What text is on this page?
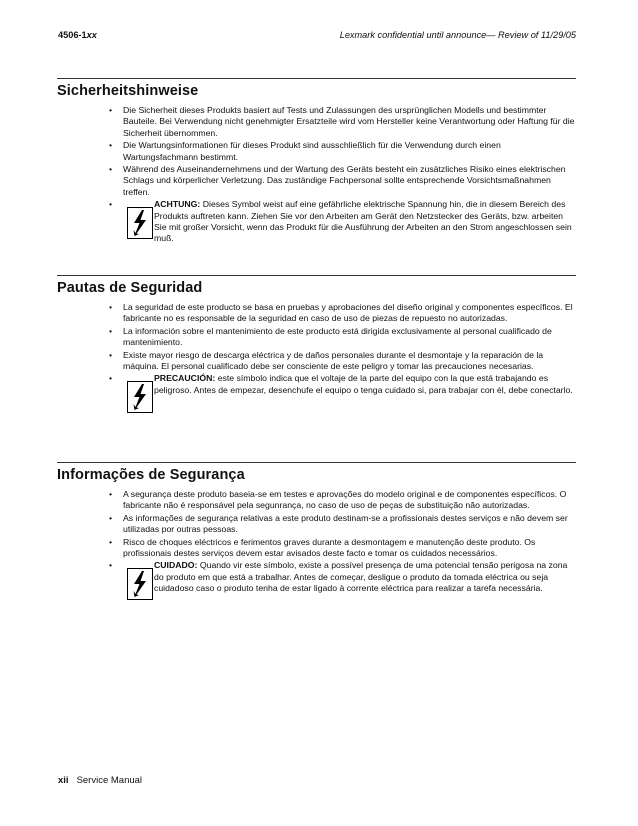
4506-1xx	Lexmark confidential until announce— Review of 11/29/05
Sicherheitshinweise
• Die Sicherheit dieses Produkts basiert auf Tests und Zulassungen des ursprünglichen Modells und bestimmter Bauteile. Bei Verwendung nicht genehmigter Ersatzteile wird vom Hersteller keine Verantwortung oder Haftung für die Sicherheit übernommen.
• Die Wartungsinformationen für dieses Produkt sind ausschließlich für die Verwendung durch einen Wartungsfachmann bestimmt.
• Während des Auseinandernehmens und der Wartung des Geräts besteht ein zusätzliches Risiko eines elektrischen Schlags und körperlicher Verletzung. Das zuständige Fachpersonal sollte entsprechende Vorsichtsmaßnahmen treffen.
•	ACHTUNG: Dieses Symbol weist auf eine gefährliche elektrische Spannung hin, die in diesem Bereich des Produkts auftreten kann. Ziehen Sie vor den Arbeiten am Gerät den Netzstecker des Geräts, bzw. arbeiten Sie mit großer Vorsicht, wenn das Produkt für die Ausführung der Arbeiten an den Strom angeschlossen sein muß.
Pautas de Seguridad
• La seguridad de este producto se basa en pruebas y aprobaciones del diseño original y componentes específicos. El fabricante no es responsable de la seguridad en caso de uso de piezas de repuesto no autorizadas.
• La información sobre el mantenimiento de este producto está dirigida exclusivamente al personal cualificado de mantenimiento.
• Existe mayor riesgo de descarga eléctrica y de daños personales durante el desmontaje y la reparación de la máquina. El personal cualificado debe ser consciente de este peligro y tomar las precauciones necesarias.
•	PRECAUCIÓN: este símbolo indica que el voltaje de la parte del equipo con la que está trabajando es peligroso. Antes de empezar, desenchufe el equipo o tenga cuidado si, para trabajar con él, debe conectarlo.
Informações de Segurança
• A segurança deste produto baseia-se em testes e aprovações do modelo original e de componentes específicos. O fabricante não é responsável pela segunrança, no caso de uso de peças de substituição não autorizadas.
• As informações de segurança relativas a este produto destinam-se a profissionais destes serviços e não devem ser utilizadas por outras pessoas.
• Risco de choques eléctricos e ferimentos graves durante a desmontagem e manutenção deste produto. Os profissionais destes serviços devem estar avisados deste facto e tomar os cuidados necessários.
•	CUIDADO: Quando vir este símbolo, existe a possível presença de uma potencial tensão perigosa na zona do produto em que está a trabalhar. Antes de começar, desligue o produto da tomada eléctrica ou seja cuidadoso caso o produto tenha de estar ligado à corrente eléctrica para realizar a tarefa necessária.
xii Service Manual
